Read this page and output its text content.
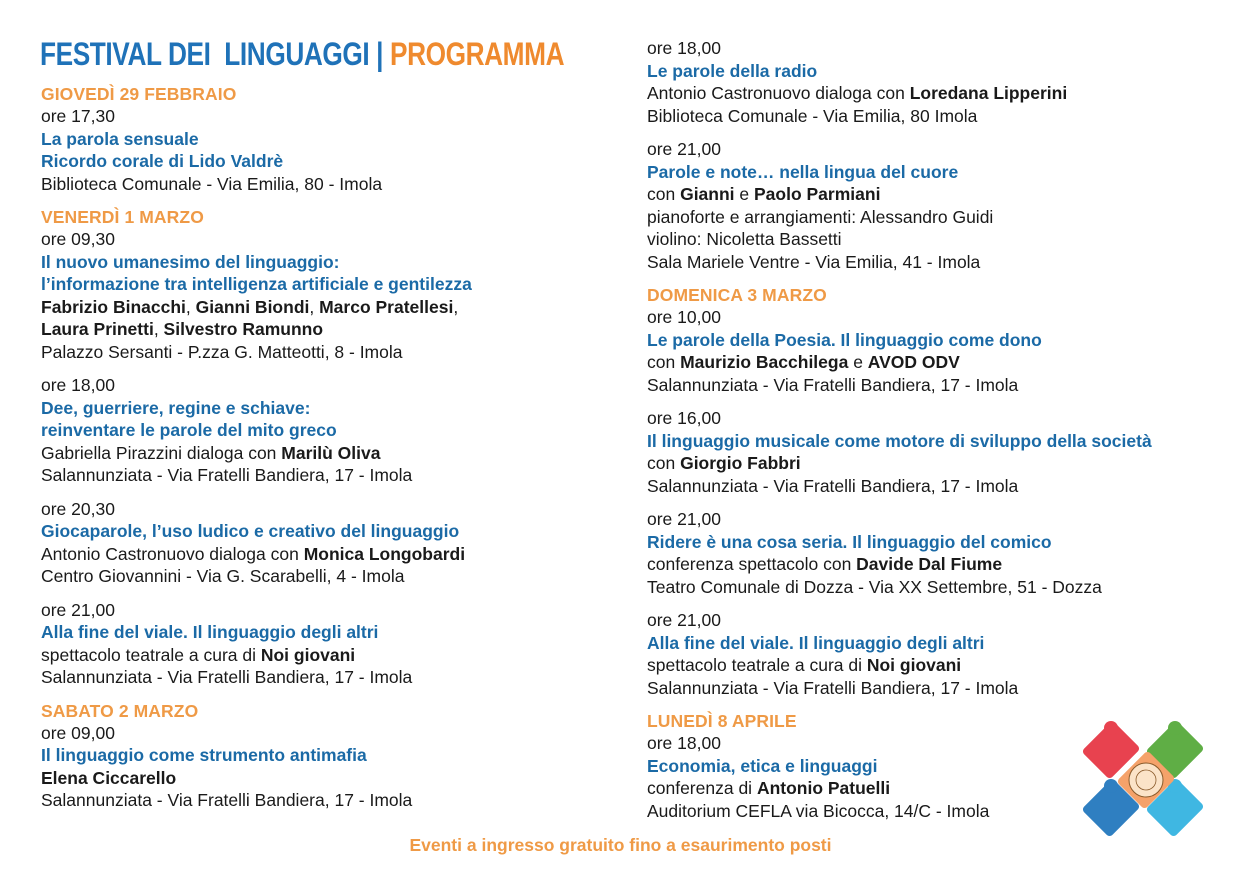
FESTIVAL DEI  LINGUAGGI | PROGRAMMA
GIOVEDÌ 29 FEBBRAIO
ore 17,30
La parola sensuale
Ricordo corale di Lido Valdrè
Biblioteca Comunale - Via Emilia, 80 - Imola
VENERDÌ 1 MARZO
ore 09,30
Il nuovo umanesimo del linguaggio:
l’informazione tra intelligenza artificiale e gentilezza
Fabrizio Binacchi, Gianni Biondi, Marco Pratellesi,
Laura Prinetti, Silvestro Ramunno
Palazzo Sersanti - P.zza G. Matteotti, 8 - Imola
ore 18,00
Dee, guerriere, regine e schiave:
reinventare le parole del mito greco
Gabriella Pirazzini dialoga con Marilù Oliva
Salannunziata - Via Fratelli Bandiera, 17 - Imola
ore 20,30
Giocaparole, l’uso ludico e creativo del linguaggio
Antonio Castronuovo dialoga con Monica Longobardi
Centro Giovannini - Via G. Scarabelli, 4 - Imola
ore 21,00
Alla fine del viale. Il linguaggio degli altri
spettacolo teatrale a cura di Noi giovani
Salannunziata - Via Fratelli Bandiera, 17 - Imola
SABATO 2 MARZO
ore 09,00
Il linguaggio come strumento antimafia
Elena Ciccarello
Salannunziata - Via Fratelli Bandiera, 17 - Imola
ore 18,00
Le parole della radio
Antonio Castronuovo dialoga con Loredana Lipperini
Biblioteca Comunale - Via Emilia, 80 Imola
ore 21,00
Parole e note… nella lingua del cuore
con Gianni e Paolo Parmiani
pianoforte e arrangiamenti: Alessandro Guidi
violino: Nicoletta Bassetti
Sala Mariele Ventre - Via Emilia, 41 - Imola
DOMENICA 3 MARZO
ore 10,00
Le parole della Poesia. Il linguaggio come dono
con Maurizio Bacchilega e AVOD ODV
Salannunziata - Via Fratelli Bandiera, 17 - Imola
ore 16,00
Il linguaggio musicale come motore di sviluppo della società
con Giorgio Fabbri
Salannunziata - Via Fratelli Bandiera, 17 - Imola
ore 21,00
Ridere è una cosa seria. Il linguaggio del comico
conferenza spettacolo con Davide Dal Fiume
Teatro Comunale di Dozza - Via XX Settembre, 51 - Dozza
ore 21,00
Alla fine del viale. Il linguaggio degli altri
spettacolo teatrale a cura di Noi giovani
Salannunziata - Via Fratelli Bandiera, 17 - Imola
LUNEDÌ 8 APRILE
ore 18,00
Economia, etica e linguaggi
conferenza di Antonio Patuelli
Auditorium CEFLA via Bicocca, 14/C - Imola
Eventi a ingresso gratuito fino a esaurimento posti
